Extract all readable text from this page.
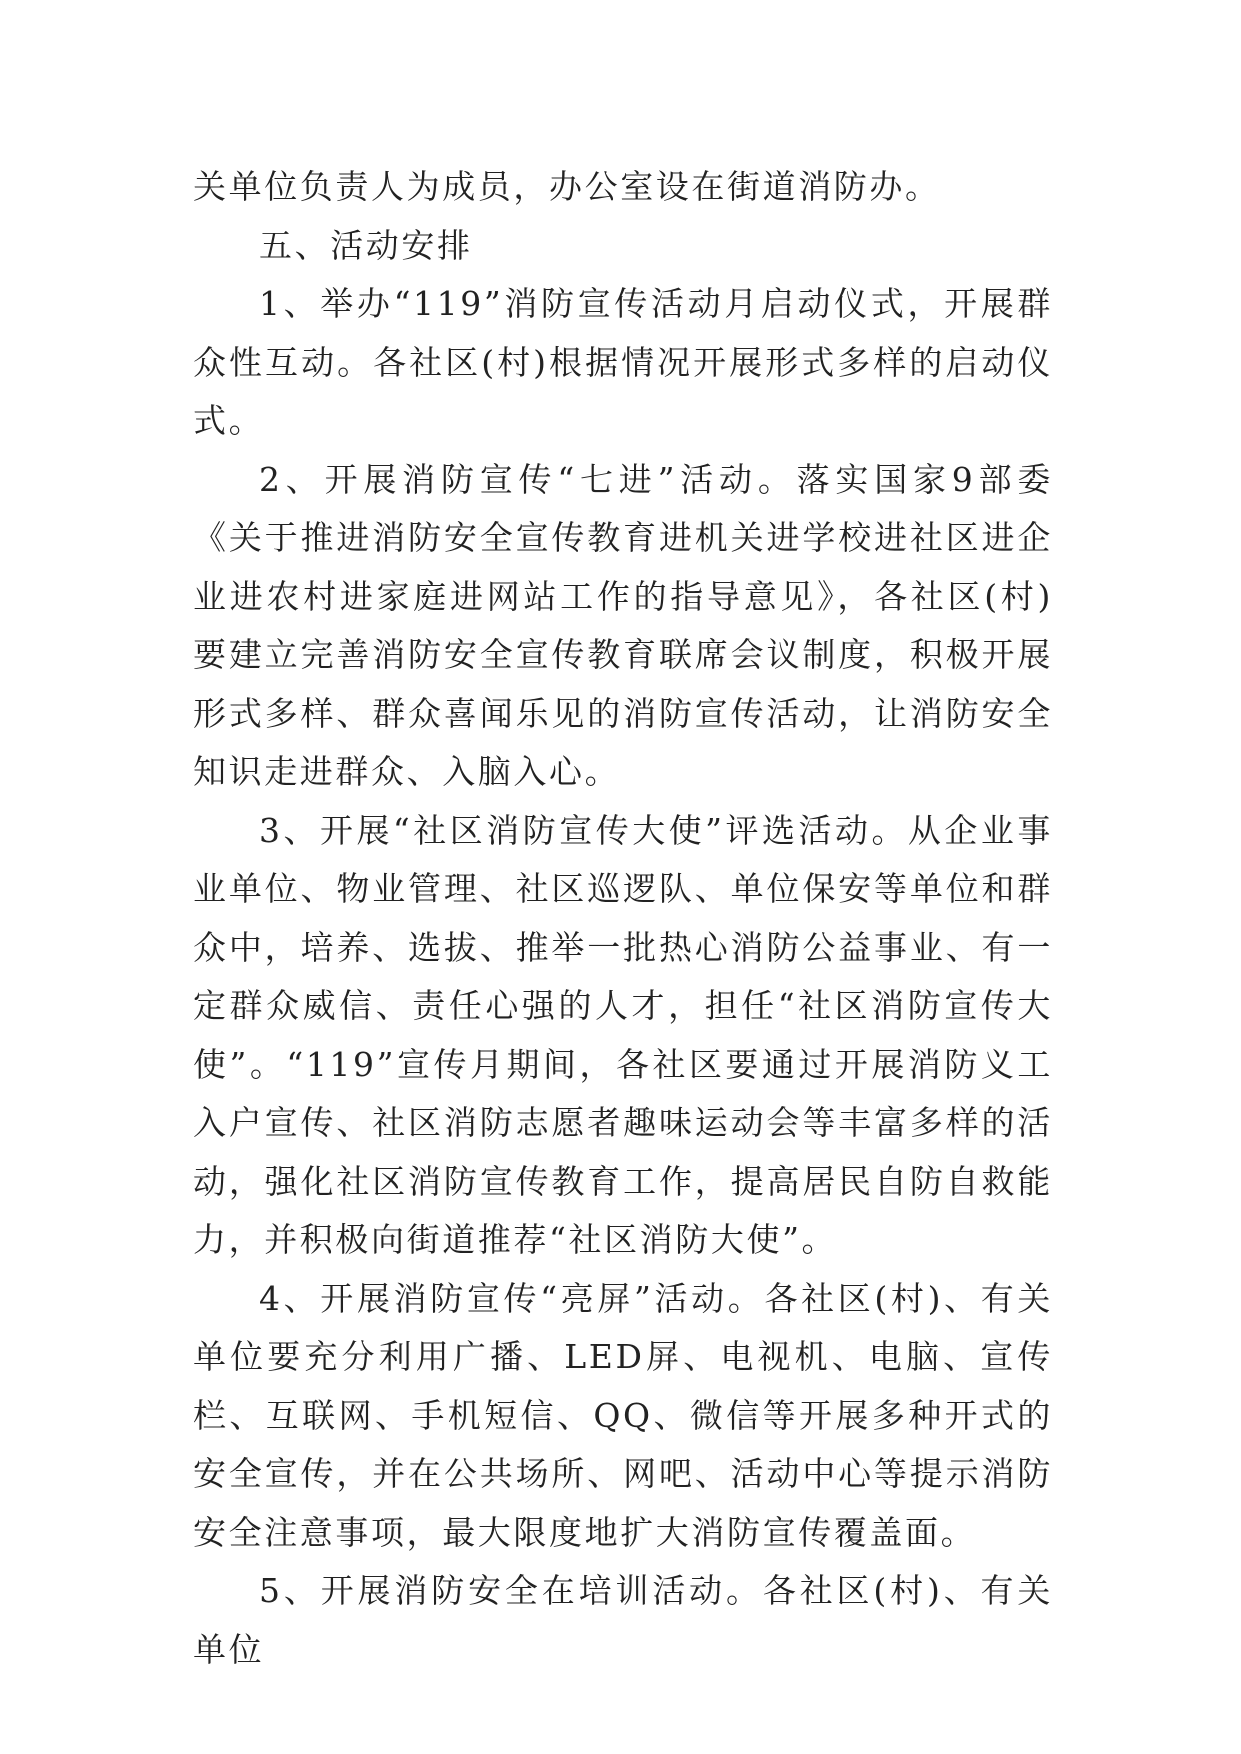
关单位负责人为成员，办公室设在街道消防办。

五、活动安排

1、举办“119”消防宣传活动月启动仪式，开展群众性互动。各社区(村)根据情况开展形式多样的启动仪式。

2、开展消防宣传“七进”活动。落实国家9部委《关于推进消防安全宣传教育进机关进学校进社区进企业进农村进家庭进网站工作的指导意见》，各社区(村)要建立完善消防安全宣传教育联席会议制度，积极开展形式多样、群众喜闻乐见的消防宣传活动，让消防安全知识走进群众、入脑入心。

3、开展“社区消防宣传大使”评选活动。从企业事业单位、物业管理、社区巡逻队、单位保安等单位和群众中，培养、选拔、推举一批热心消防公益事业、有一定群众威信、责任心强的人才，担任“社区消防宣传大使”。“119”宣传月期间，各社区要通过开展消防义工入户宣传、社区消防志愿者趣味运动会等丰富多样的活动，强化社区消防宣传教育工作，提高居民自防自救能力，并积极向街道推荐“社区消防大使”。

4、开展消防宣传“亮屏”活动。各社区(村)、有关单位要充分利用广播、LED屏、电视机、电脑、宣传栏、互联网、手机短信、QQ、微信等开展多种开式的安全宣传，并在公共场所、网吧、活动中心等提示消防安全注意事项，最大限度地扩大消防宣传覆盖面。

5、开展消防安全在培训活动。各社区(村)、有关单位
